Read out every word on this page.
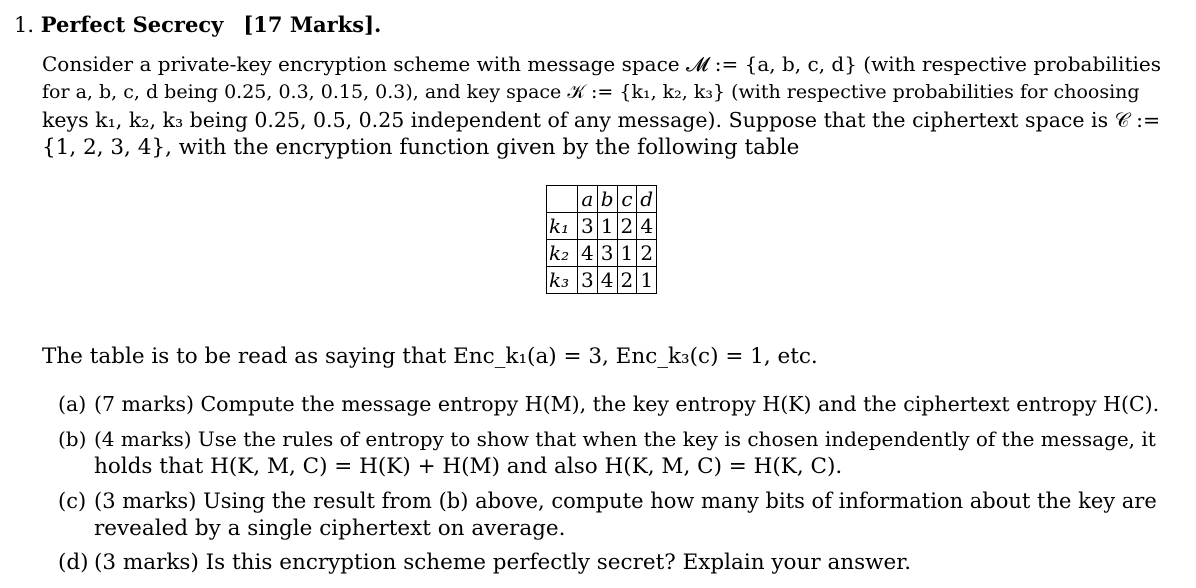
1. Perfect Secrecy [17 Marks].
Consider a private-key encryption scheme with message space 𝓜 := {a, b, c, d} (with respective probabilities
for a, b, c, d being 0.25, 0.3, 0.15, 0.3), and key space 𝒦 := {k₁, k₂, k₃} (with respective probabilities for choosing
keys k₁, k₂, k₃ being 0.25, 0.5, 0.25 independent of any message). Suppose that the ciphertext space is 𝒞 :=
{1, 2, 3, 4}, with the encryption function given by the following table
	a	b	c	d
k₁	3	1	2	4
k₂	4	3	1	2
k₃	3	4	2	1
The table is to be read as saying that Enc_k₁(a) = 3, Enc_k₃(c) = 1, etc.
(a) (7 marks) Compute the message entropy H(M), the key entropy H(K) and the ciphertext entropy H(C).
(b) (4 marks) Use the rules of entropy to show that when the key is chosen independently of the message, it
holds that H(K, M, C) = H(K) + H(M) and also H(K, M, C) = H(K, C).
(c) (3 marks) Using the result from (b) above, compute how many bits of information about the key are
revealed by a single ciphertext on average.
(d) (3 marks) Is this encryption scheme perfectly secret? Explain your answer.
